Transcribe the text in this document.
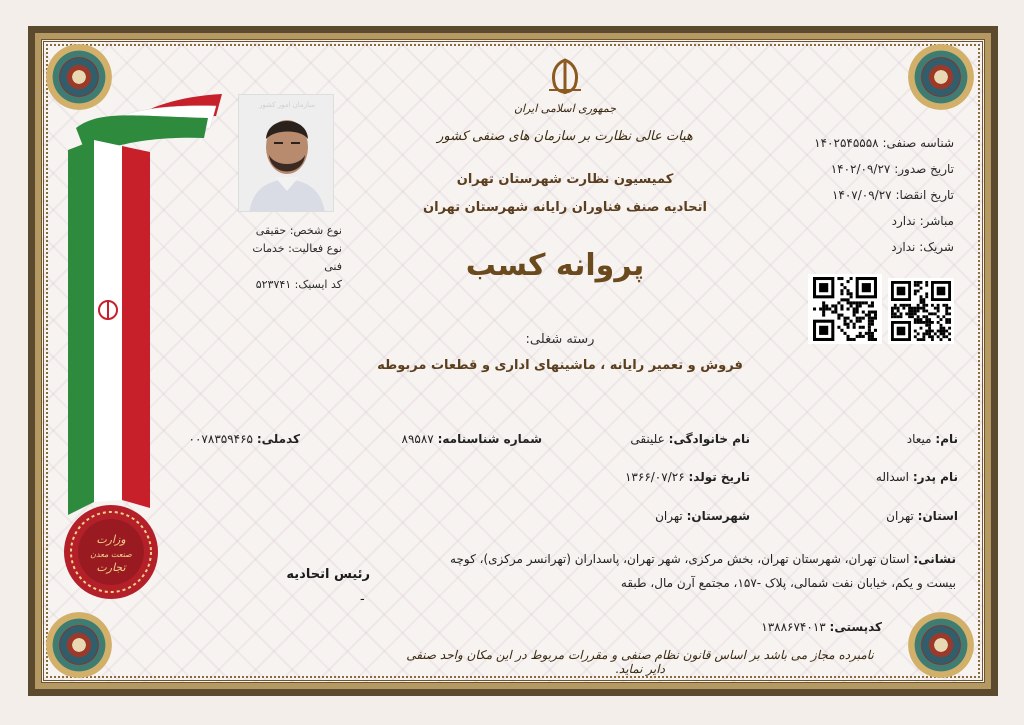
وزارت
صنعت معدن
تجارت
سازمان امور کشور
نوع شخص: حقیقی
نوع فعالیت: خدمات فنی
کد ایسیک: ۵۲۳۷۴۱
جمهوری اسلامی ایران
هیات عالی نظارت بر سازمان های صنفی کشور
کمیسیون نظارت شهرستان تهران
اتحادیه صنف فناوران رایانه شهرستان تهران
پروانه کسب
رسته شغلی:
فروش و تعمیر رایانه ، ماشینهای اداری و قطعات مربوطه
شناسه صنفی: ۱۴۰۲۵۴۵۵۵۸
تاریخ صدور: ۱۴۰۲/۰۹/۲۷
تاریخ انقضا: ۱۴۰۷/۰۹/۲۷
مباشر: ندارد
شریک: ندارد
نام: میعاد
نام خانوادگی: علینقی
شماره شناسنامه: ۸۹۵۸۷
کدملی: ۰۰۷۸۳۵۹۴۶۵
نام پدر: اسداله
تاریخ تولد: ۱۳۶۶/۰۷/۲۶
استان: تهران
شهرستان: تهران
نشانی: استان تهران، شهرستان تهران، بخش مرکزی، شهر تهران، پاسداران (تهرانسر مرکزی)، کوچه بیست و یکم، خیابان نفت شمالی، پلاک -۱۵۷، مجتمع آرن مال، طبقه
کدپستی: ۱۳۸۸۶۷۴۰۱۳
نامبرده مجاز می باشد بر اساس قانون نظام صنفی و مقررات مربوط در این مکان واحد صنفی دایر نماید.
رئیس اتحادیه
-
